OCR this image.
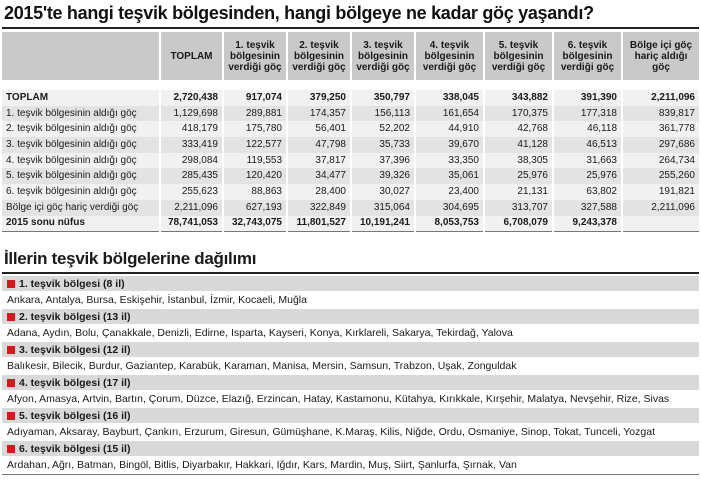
2015'te hangi teşvik bölgesinden, hangi bölgeye ne kadar göç yaşandı?
	TOPLAM	1. teşvik bölgesinin verdiği göç	2. teşvik bölgesinin verdiği göç	3. teşvik bölgesinin verdiği göç	4. teşvik bölgesinin verdiği göç	5. teşvik bölgesinin verdiği göç	6. teşvik bölgesinin verdiği göç	Bölge içi göç hariç aldığı göç

TOPLAM	2,720,438	917,074	379,250	350,797	338,045	343,882	391,390	2,211,096
1. teşvik bölgesinin aldığı göç	1,129,698	289,881	174,357	156,113	161,654	170,375	177,318	839,817
2. teşvik bölgesinin aldığı göç	418,179	175,780	56,401	52,202	44,910	42,768	46,118	361,778
3. teşvik bölgesinin aldığı göç	333,419	122,577	47,798	35,733	39,670	41,128	46,513	297,686
4. teşvik bölgesinin aldığı göç	298,084	119,553	37,817	37,396	33,350	38,305	31,663	264,734
5. teşvik bölgesinin aldığı göç	285,435	120,420	34,477	39,326	35,061	25,976	25,976	255,260
6. teşvik bölgesinin aldığı göç	255,623	88,863	28,400	30,027	23,400	21,131	63,802	191,821
Bölge içi göç hariç verdiği göç	2,211,096	627,193	322,849	315,064	304,695	313,707	327,588	2,211,096
2015 sonu nüfus	78,741,053	32,743,075	11,801,527	10,191,241	8,053,753	6,708,079	9,243,378	
İllerin teşvik bölgelerine dağılımı
1. teşvik bölgesi (8 il)
Ankara, Antalya, Bursa, Eskişehir, İstanbul, İzmir, Kocaeli, Muğla
2. teşvik bölgesi (13 il)
Adana, Aydın, Bolu, Çanakkale, Denizli, Edirne, Isparta, Kayseri, Konya, Kırklareli, Sakarya, Tekirdağ, Yalova
3. teşvik bölgesi (12 il)
Balıkesir, Bilecik, Burdur, Gaziantep, Karabük, Karaman, Manisa, Mersin, Samsun, Trabzon, Uşak, Zonguldak
4. teşvik bölgesi (17 il)
Afyon, Amasya, Artvin, Bartın, Çorum, Düzce, Elazığ, Erzincan, Hatay, Kastamonu, Kütahya, Kırıkkale, Kırşehir, Malatya, Nevşehir, Rize, Sivas
5. teşvik bölgesi (16 il)
Adıyaman, Aksaray, Bayburt, Çankırı, Erzurum, Giresun, Gümüşhane, K.Maraş, Kilis, Niğde, Ordu, Osmaniye, Sinop, Tokat, Tunceli, Yozgat
6. teşvik bölgesi (15 il)
Ardahan, Ağrı, Batman, Bingöl, Bitlis, Diyarbakır, Hakkari, Iğdır, Kars, Mardin, Muş, Siirt, Şanlurfa, Şırnak, Van
